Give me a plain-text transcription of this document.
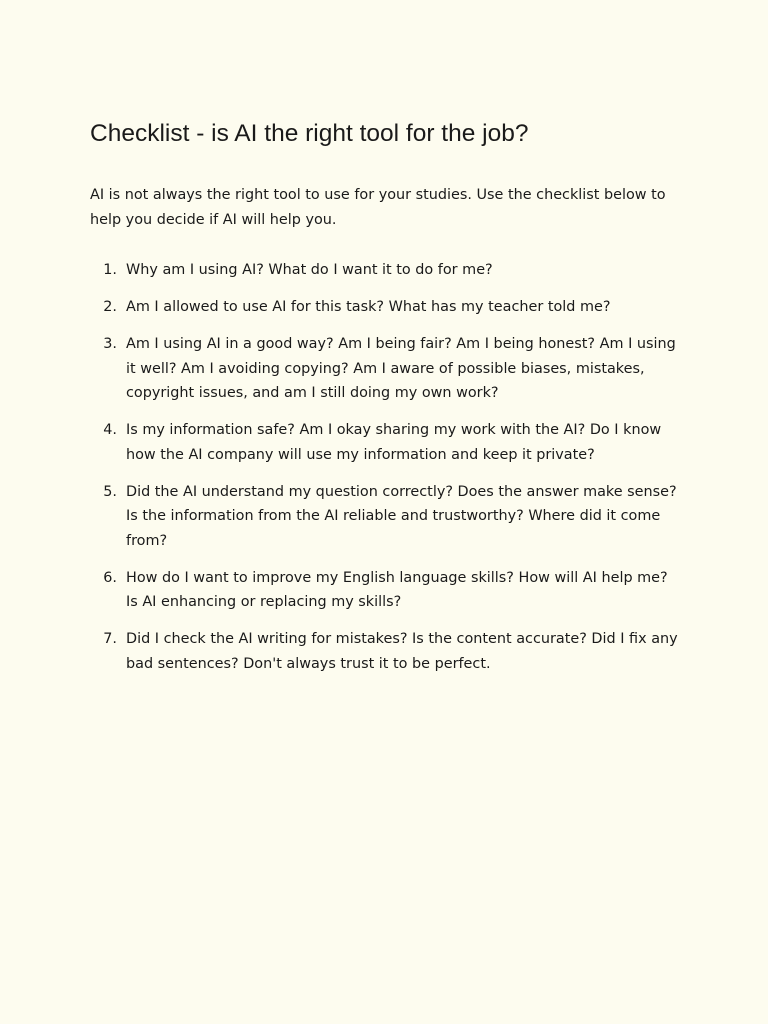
Checklist - is AI the right tool for the job?

AI is not always the right tool to use for your studies. Use the checklist below to help you decide if AI will help you.

1. Why am I using AI? What do I want it to do for me?
2. Am I allowed to use AI for this task? What has my teacher told me?
3. Am I using AI in a good way? Am I being fair? Am I being honest? Am I using it well? Am I avoiding copying? Am I aware of possible biases, mistakes, copyright issues, and am I still doing my own work?
4. Is my information safe? Am I okay sharing my work with the AI? Do I know how the AI company will use my information and keep it private?
5. Did the AI understand my question correctly? Does the answer make sense? Is the information from the AI reliable and trustworthy? Where did it come from?
6. How do I want to improve my English language skills? How will AI help me? Is AI enhancing or replacing my skills?
7. Did I check the AI writing for mistakes? Is the content accurate? Did I fix any bad sentences? Don't always trust it to be perfect.
